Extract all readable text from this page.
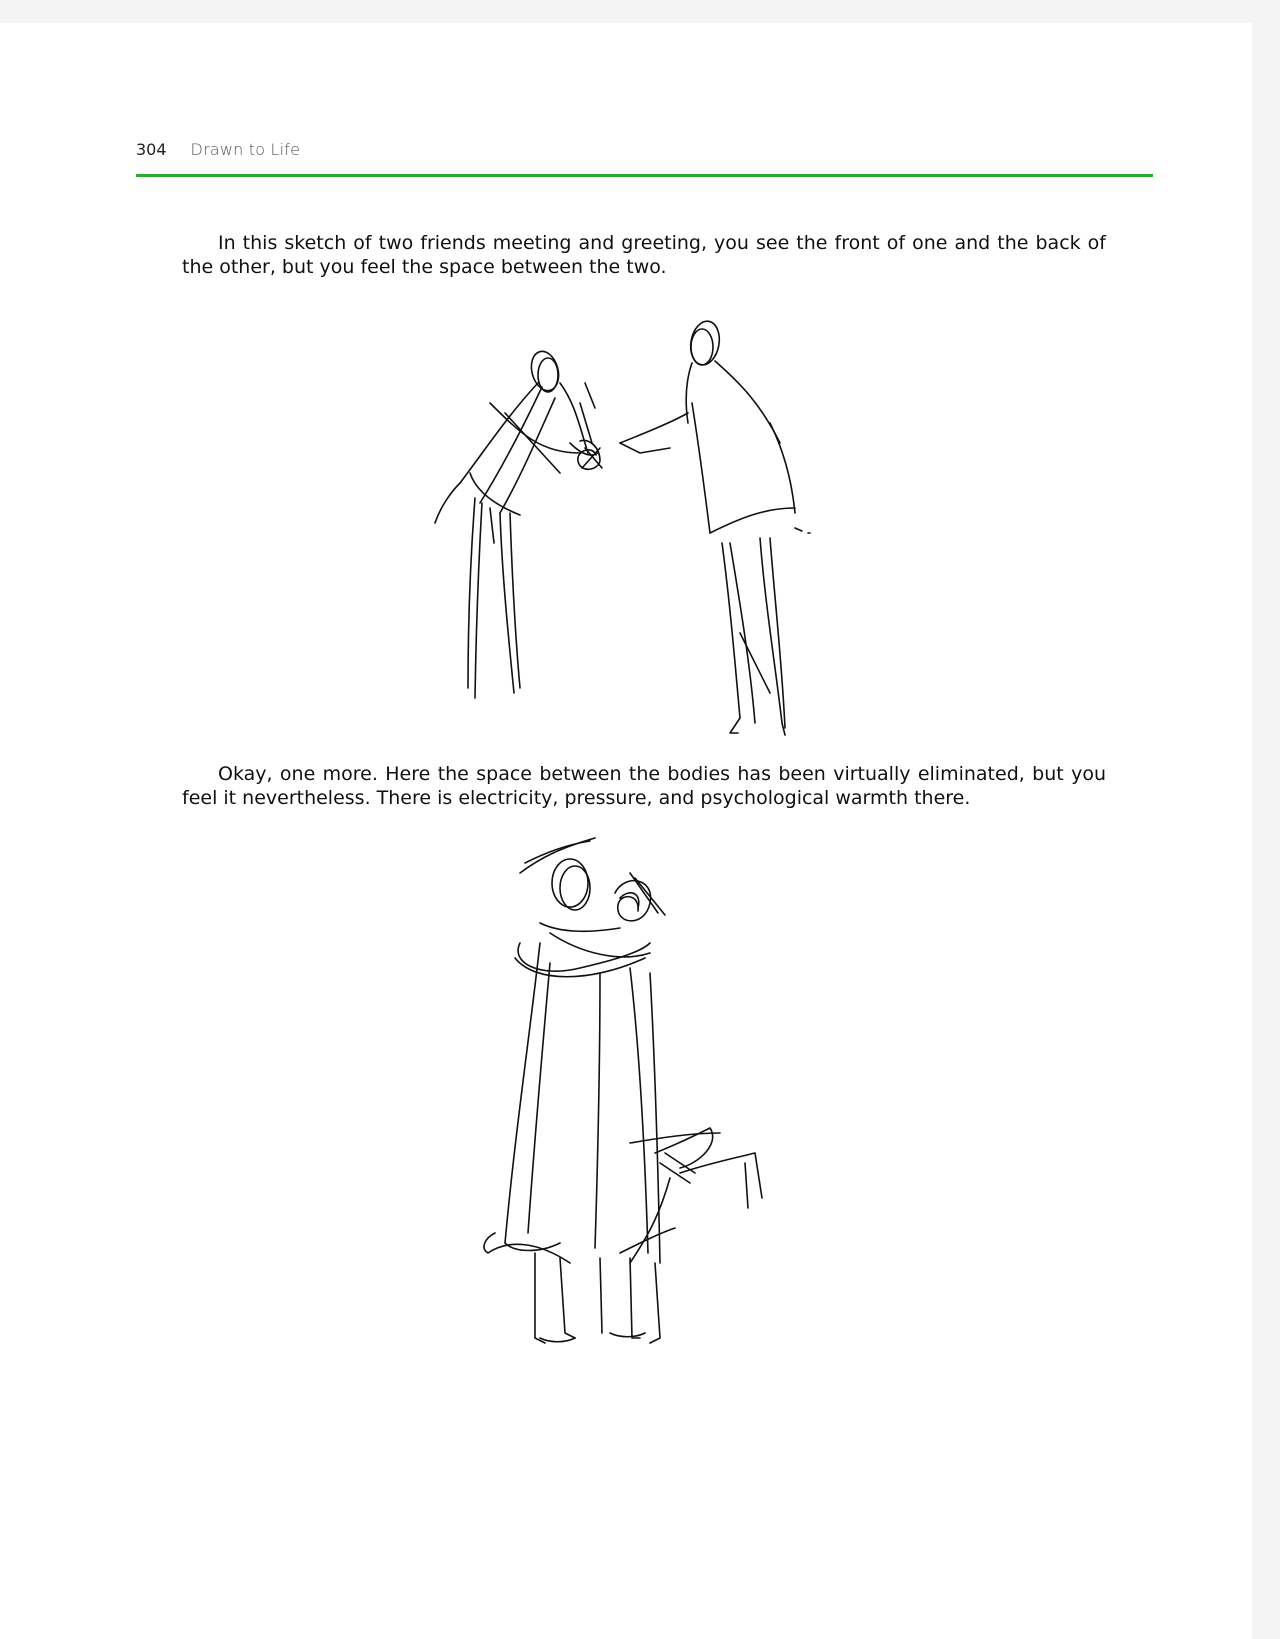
304 Drawn to Life

In this sketch of two friends meeting and greeting, you see the front of one and the back of the other, but you feel the space between the two.

Okay, one more. Here the space between the bodies has been virtually eliminated, but you feel it nevertheless. There is electricity, pressure, and psychological warmth there.
